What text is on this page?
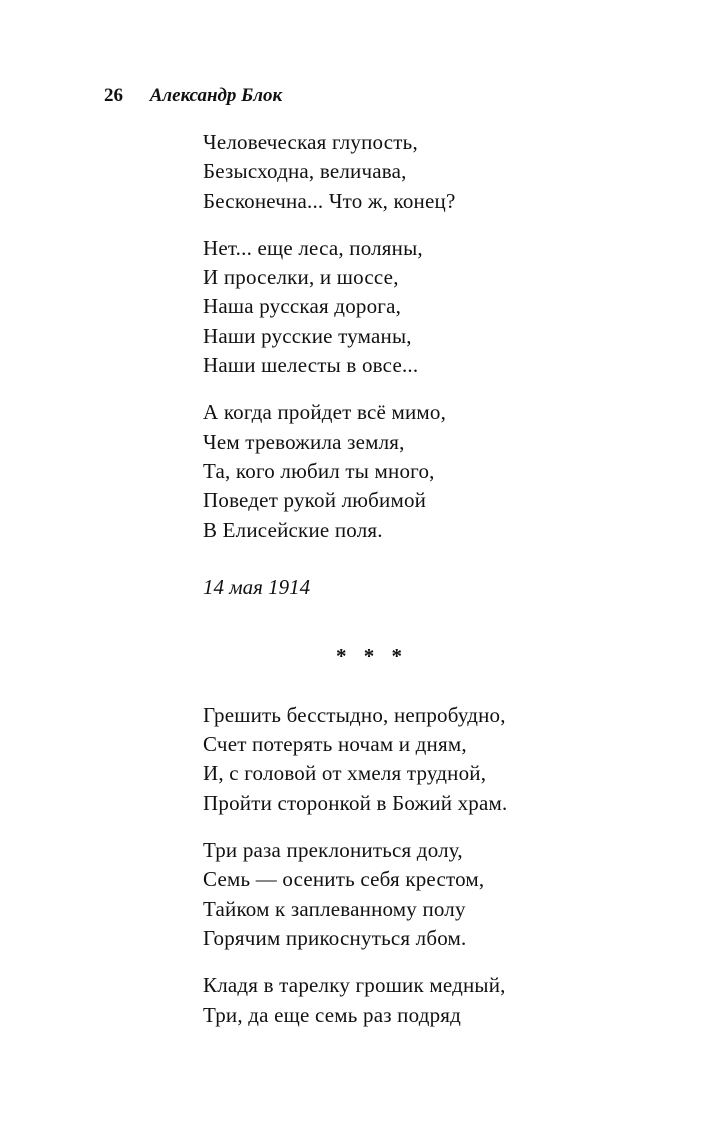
26 Александр Блок
Человеческая глупость,
Безысходна, величава,
Бесконечна... Что ж, конец?
Нет... еще леса, поляны,
И проселки, и шоссе,
Наша русская дорога,
Наши русские туманы,
Наши шелесты в овсе...
А когда пройдет всё мимо,
Чем тревожила земля,
Та, кого любил ты много,
Поведет рукой любимой
В Елисейские поля.
14 мая 1914
* * *
Грешить бесстыдно, непробудно,
Счет потерять ночам и дням,
И, с головой от хмеля трудной,
Пройти сторонкой в Божий храм.
Три раза преклониться долу,
Семь — осенить себя крестом,
Тайком к заплеванному полу
Горячим прикоснуться лбом.
Кладя в тарелку грошик медный,
Три, да еще семь раз подряд
